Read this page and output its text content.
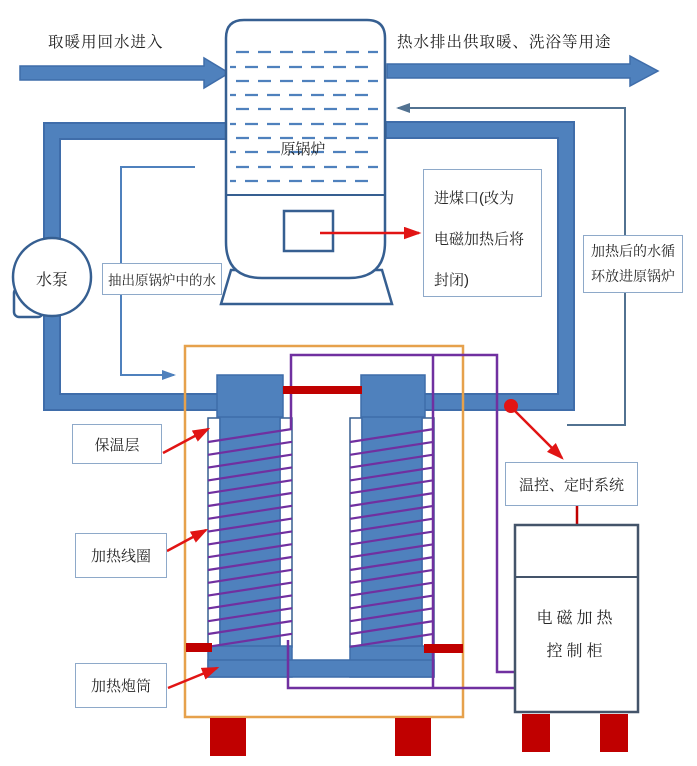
取暖用回水进入	热水排出供取暖、洗浴等用途
原锅炉
水泵	抽出原锅炉中的水
进煤口(改为
电磁加热后将
封闭)
加热后的水循
环放进原锅炉
保温层
加热线圈
加热炮筒
温控、定时系统
电磁加热
控制柜
